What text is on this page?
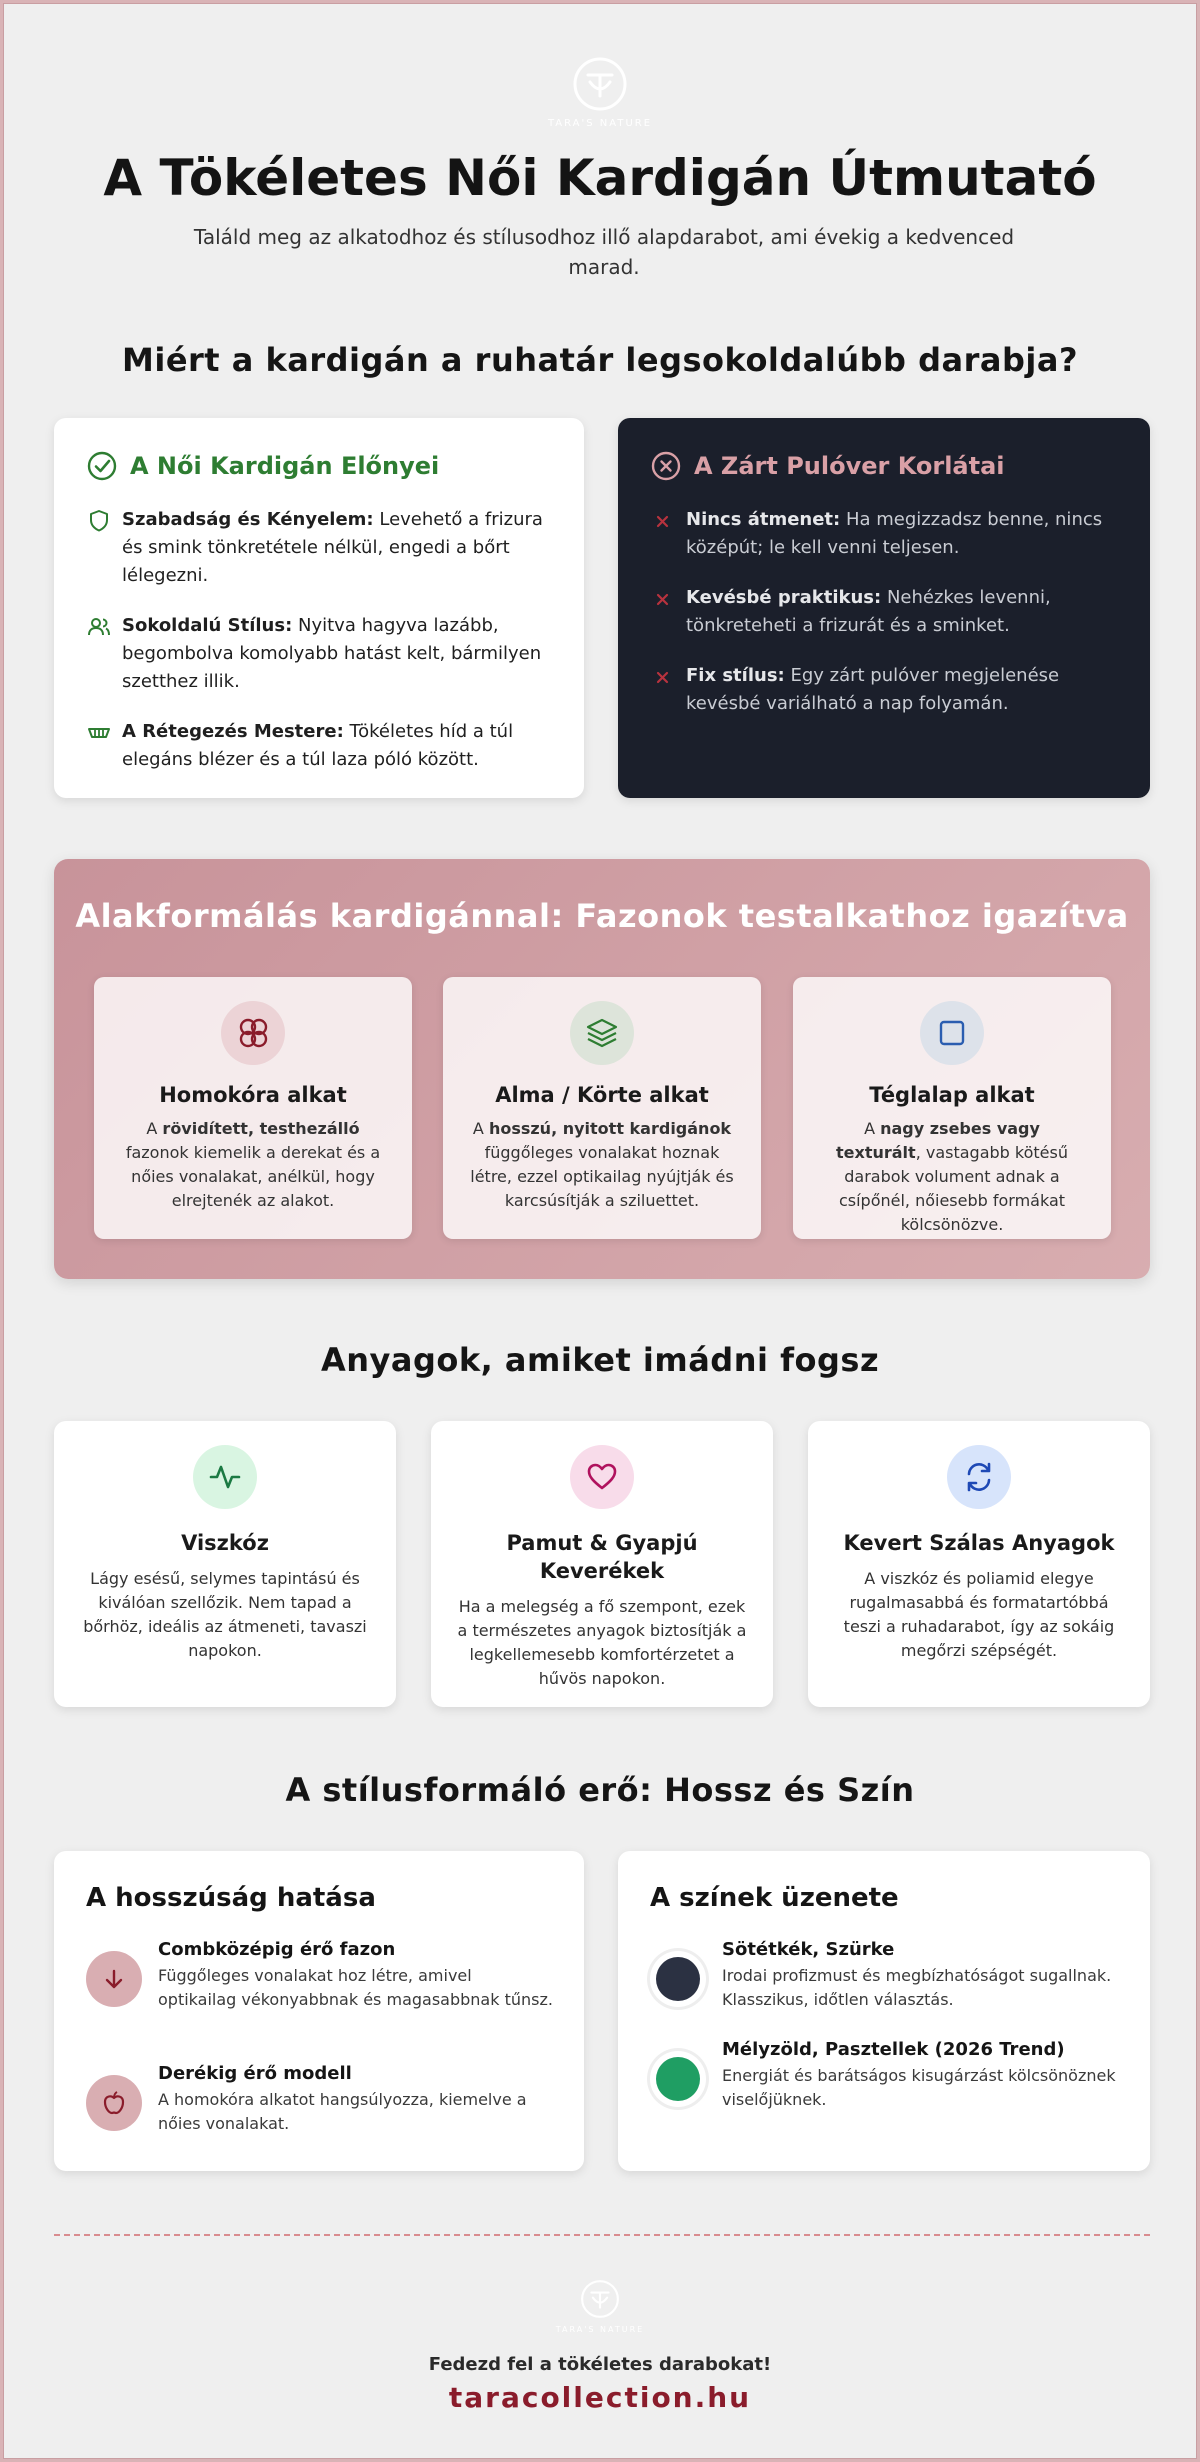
TARA'S NATURE
A Tökéletes Női Kardigán Útmutató
Találd meg az alkatodhoz és stílusodhoz illő alapdarabot, ami évekig a kedvenced marad.
Miért a kardigán a ruhatár legsokoldalúbb darabja?
A Női Kardigán Előnyei
Szabadság és Kényelem: Levehető a frizura és smink tönkretétele nélkül, engedi a bőrt lélegezni.
Sokoldalú Stílus: Nyitva hagyva lazább, begombolva komolyabb hatást kelt, bármilyen szetthez illik.
A Rétegezés Mestere: Tökéletes híd a túl elegáns blézer és a túl laza póló között.
A Zárt Pulóver Korlátai
Nincs átmenet: Ha megizzadsz benne, nincs középút; le kell venni teljesen.
Kevésbé praktikus: Nehézkes levenni, tönkreteheti a frizurát és a sminket.
Fix stílus: Egy zárt pulóver megjelenése kevésbé variálható a nap folyamán.
Alakformálás kardigánnal: Fazonok testalkathoz igazítva
Homokóra alkat
A rövidített, testhezálló fazonok kiemelik a derekat és a nőies vonalakat, anélkül, hogy elrejtenék az alakot.
Alma / Körte alkat
A hosszú, nyitott kardigánok függőleges vonalakat hoznak létre, ezzel optikailag nyújtják és karcsúsítják a sziluettet.
Téglalap alkat
A nagy zsebes vagy texturált, vastagabb kötésű darabok volument adnak a csípőnél, nőiesebb formákat kölcsönözve.
Anyagok, amiket imádni fogsz
Viszkóz
Lágy esésű, selymes tapintású és kiválóan szellőzik. Nem tapad a bőrhöz, ideális az átmeneti, tavaszi napokon.
Pamut & Gyapjú Keverékek
Ha a melegség a fő szempont, ezek a természetes anyagok biztosítják a legkellemesebb komfortérzetet a hűvös napokon.
Kevert Szálas Anyagok
A viszkóz és poliamid elegye rugalmasabbá és formatartóbbá teszi a ruhadarabot, így az sokáig megőrzi szépségét.
A stílusformáló erő: Hossz és Szín
A hosszúság hatása
Combközépig érő fazon
Függőleges vonalakat hoz létre, amivel optikailag vékonyabbnak és magasabbnak tűnsz.
Derékig érő modell
A homokóra alkatot hangsúlyozza, kiemelve a nőies vonalakat.
A színek üzenete
Sötétkék, Szürke
Irodai profizmust és megbízhatóságot sugallnak. Klasszikus, időtlen választás.
Mélyzöld, Pasztellek (2026 Trend)
Energiát és barátságos kisugárzást kölcsönöznek viselőjüknek.
TARA'S NATURE
Fedezd fel a tökéletes darabokat!
taracollection.hu
